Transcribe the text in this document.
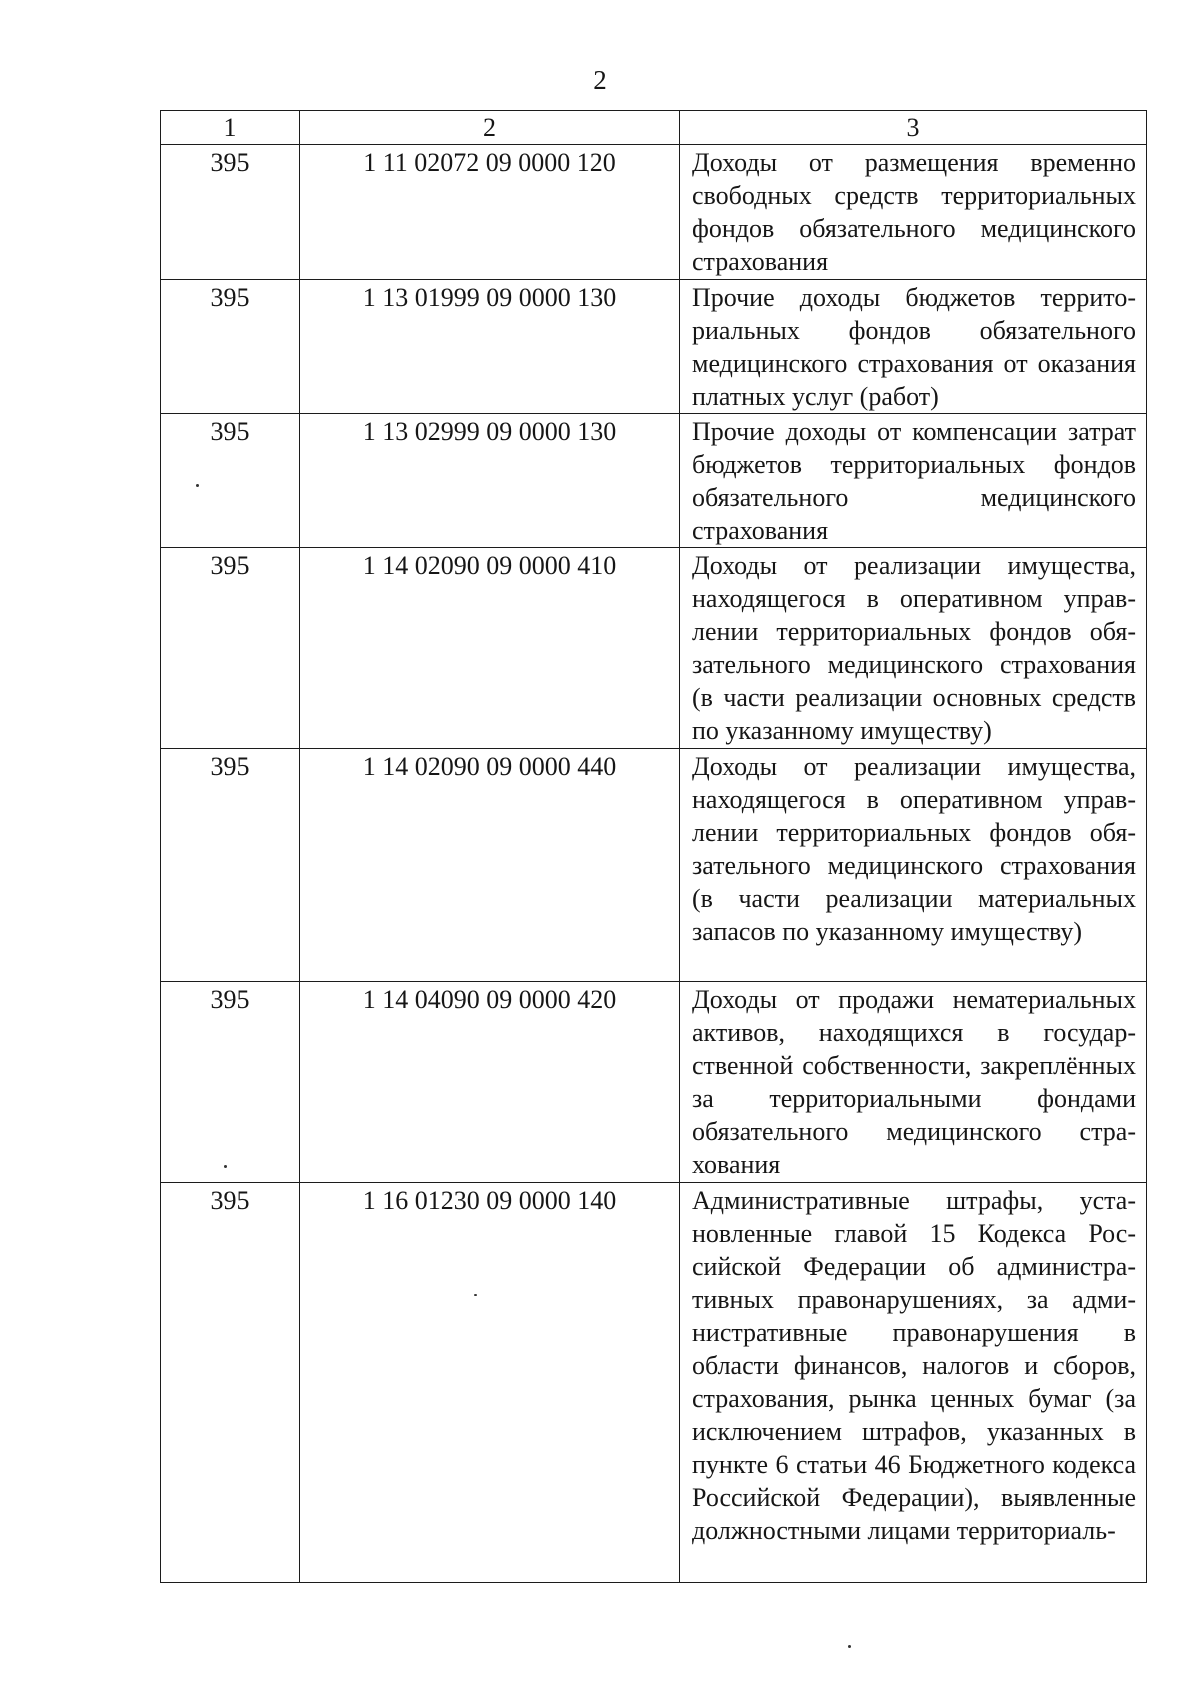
2
1	2	3
395	1 11 02072 09 0000 120	Доходы от размещения временно свободных средств территориальных фондов обязательного медицинского страхования
395	1 13 01999 09 0000 130	Прочие доходы бюджетов территориальных фондов обязательного медицинского страхования от оказания платных услуг (работ)
395	1 13 02999 09 0000 130	Прочие доходы от компенсации затрат бюджетов территориальных фондов обязательного медицинского страхования
395	1 14 02090 09 0000 410	Доходы от реализации имущества, находящегося в оперативном управлении территориальных фондов обязательного медицинского страхования (в части реализации основных средств по указанному имуществу)
395	1 14 02090 09 0000 440	Доходы от реализации имущества, находящегося в оперативном управлении территориальных фондов обязательного медицинского страхования (в части реализации материальных запасов по указанному имуществу)
395	1 14 04090 09 0000 420	Доходы от продажи нематериальных активов, находящихся в государственной собственности, закреплённых за территориальными фондами обязательного медицинского страхования
395	1 16 01230 09 0000 140	Административные штрафы, установленные главой 15 Кодекса Российской Федерации об административных правонарушениях, за административные правонарушения в области финансов, налогов и сборов, страхования, рынка ценных бумаг (за исключением штрафов, указанных в пункте 6 статьи 46 Бюджетного кодекса Российской Федерации), выявленные должностными лицами территориаль-
